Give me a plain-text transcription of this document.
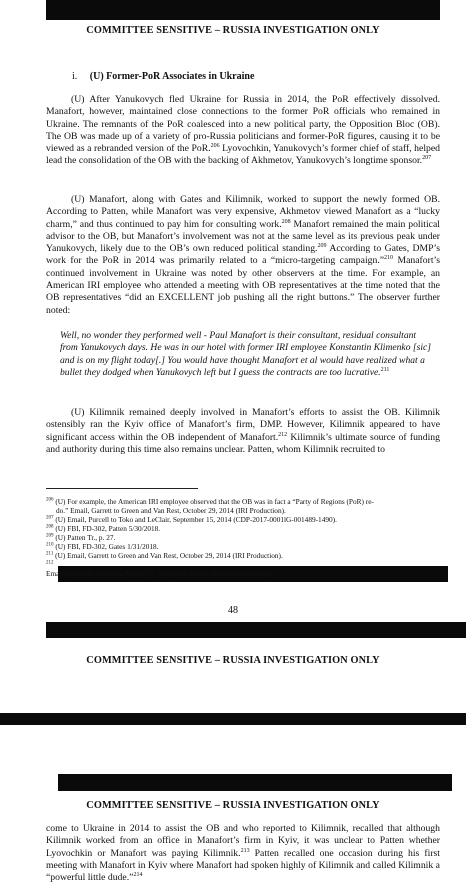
COMMITTEE SENSITIVE – RUSSIA INVESTIGATION ONLY
i. (U) Former-PoR Associates in Ukraine

(U) After Yanukovych fled Ukraine for Russia in 2014, the PoR effectively dissolved. Manafort, however, maintained close connections to the former PoR officials who remained in Ukraine. The remnants of the PoR coalesced into a new political party, the Opposition Bloc (OB). The OB was made up of a variety of pro-Russia politicians and former-PoR figures, causing it to be viewed as a rebranded version of the PoR.$^{206}$ Lyovochkin, Yanukovych’s former chief of staff, helped lead the consolidation of the OB with the backing of Akhmetov, Yanukovych’s longtime sponsor.$^{207}$

(U) Manafort, along with Gates and Kilimnik, worked to support the newly formed OB. According to Patten, while Manafort was very expensive, Akhmetov viewed Manafort as a “lucky charm,” and thus continued to pay him for consulting work.$^{208}$ Manafort remained the main political advisor to the OB, but Manafort’s involvement was not at the same level as its previous peak under Yanukovych, likely due to the OB’s own reduced political standing.$^{209}$ According to Gates, DMP’s work for the PoR in 2014 was primarily related to a “micro-targeting campaign.”$^{210}$ Manafort’s continued involvement in Ukraine was noted by other observers at the time. For example, an American IRI employee who attended a meeting with OB representatives at the time noted that the OB representatives “did an EXCELLENT job pushing all the right buttons.” The observer further noted:

Well, no wonder they performed well - Paul Manafort is their consultant, residual consultant from Yanukovych days. He was in our hotel with former IRI employee Konstantin Klimenko [sic] and is on my flight today[.] You would have thought Manafort et al would have realized what a bullet they dodged when Yanukovych left but I guess the contracts are too lucrative.$^{211}$

(U) Kilimnik remained deeply involved in Manafort’s efforts to assist the OB. Kilimnik ostensibly ran the Kyiv office of Manafort’s firm, DMP. However, Kilimnik appeared to have significant access within the OB independent of Manafort.$^{212}$ Kilimnik’s ultimate source of funding and authority during this time also remains unclear. Patten, whom Kilimnik recruited to

$^{206}$ (U) For example, the American IRI employee observed that the OB was in fact a “Party of Regions (PoR) re-
do.” Email, Garrett to Green and Van Rest, October 29, 2014 (IRI Production).
$^{207}$ (U) Email, Purcell to Toko and LeClair, September 15, 2014 (CDP-2017-0001lG-001489-1490).
$^{208}$ (U) FBI, FD-302, Patten 5/30/2018.
$^{209}$ (U) Patten Tr., p. 27.
$^{210}$ (U) FBI, FD-302, Gates 1/31/2018.
$^{211}$ (U) Email, Garrett to Green and Van Rest, October 29, 2014 (IRI Production).
$^{212}$
Email, Kilimnik to Patten, August 17, 2016 (SSCI 2017-4885-3-000426-428).
48
COMMITTEE SENSITIVE – RUSSIA INVESTIGATION ONLY
COMMITTEE SENSITIVE – RUSSIA INVESTIGATION ONLY

come to Ukraine in 2014 to assist the OB and who reported to Kilimnik, recalled that although Kilimnik worked from an office in Manafort’s firm in Kyiv, it was unclear to Patten whether Lyovochkin or Manafort was paying Kilimnik.$^{213}$ Patten recalled one occasion during his first meeting with Manafort in Kyiv where Manafort had spoken highly of Kilimnik and called Kilimnik a “powerful little dude.”$^{214}$
